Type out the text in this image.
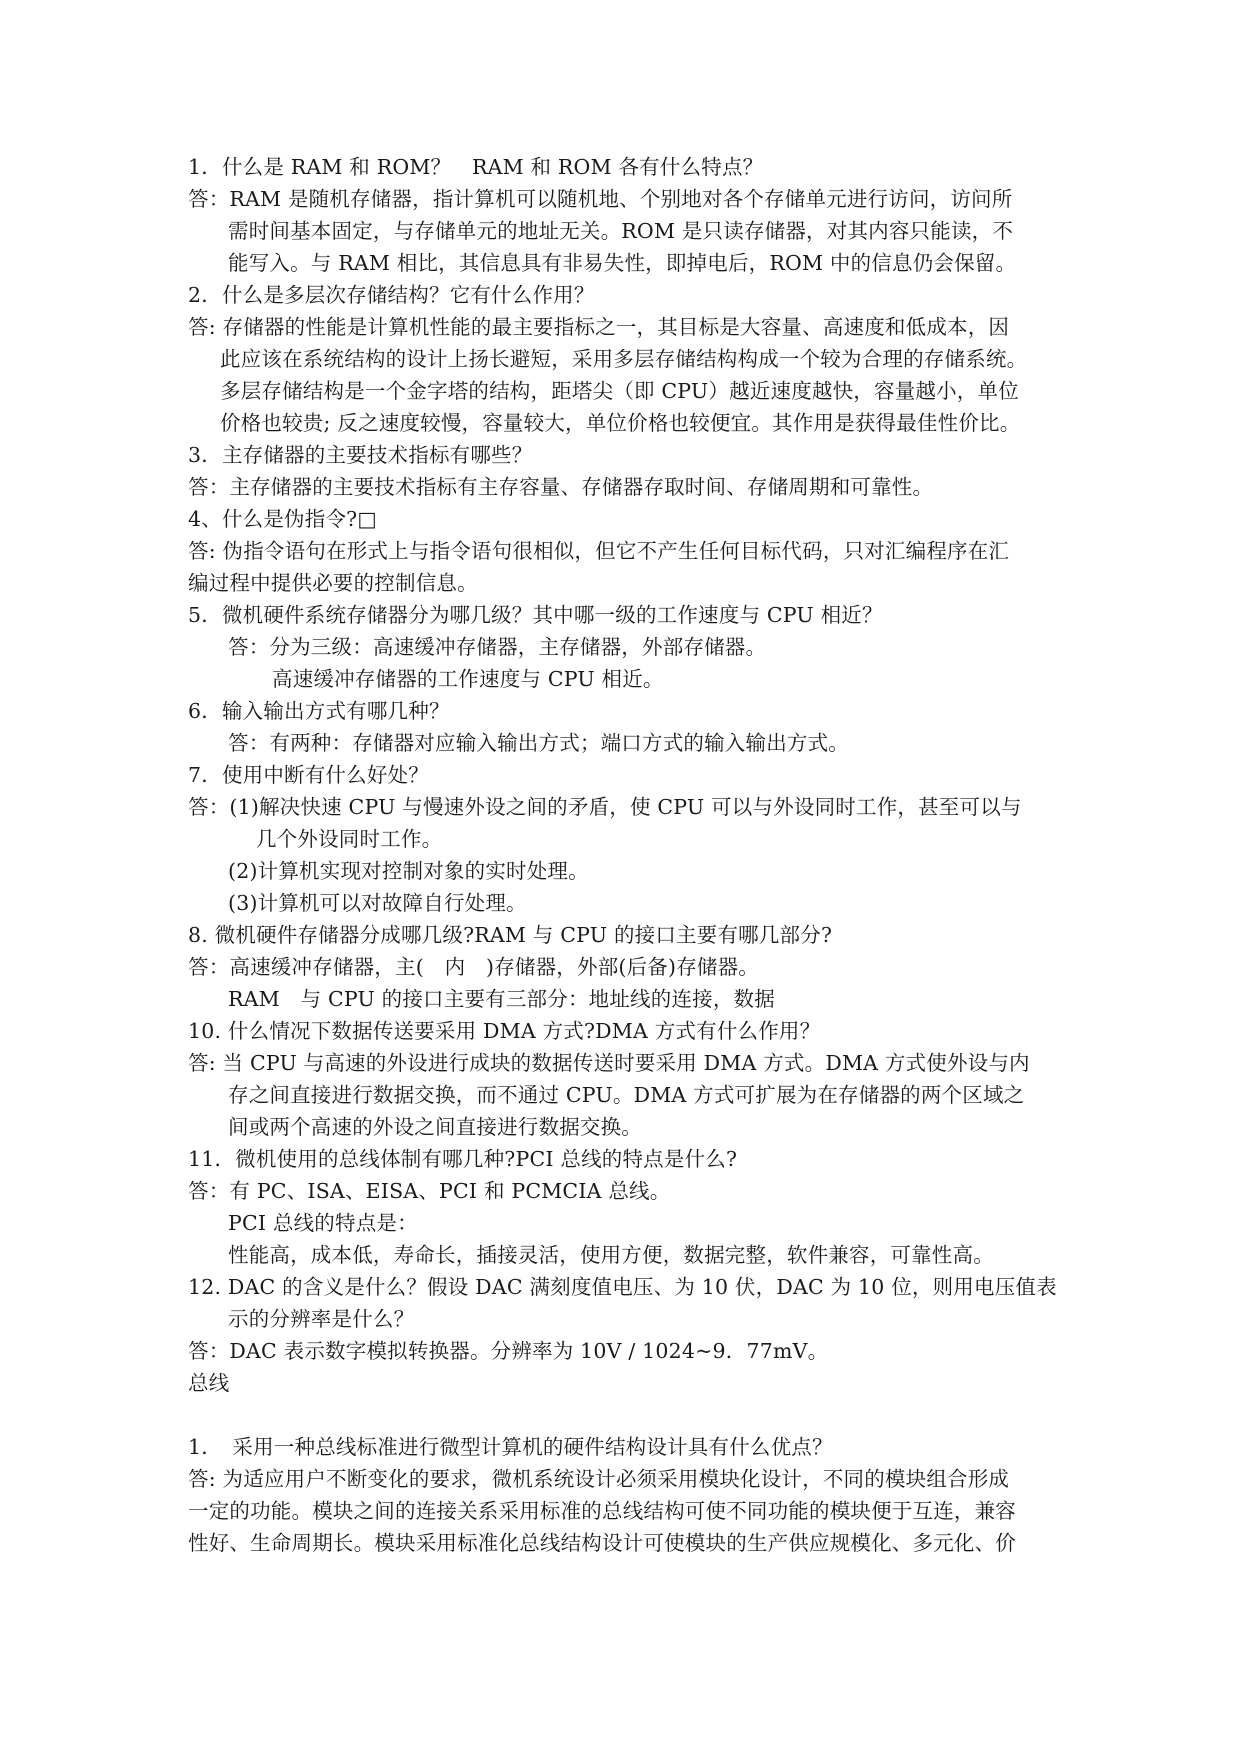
1．什么是 RAM 和 ROM？　RAM 和 ROM 各有什么特点？
答：RAM 是随机存储器，指计算机可以随机地、个别地对各个存储单元进行访问，访问所
需时间基本固定，与存储单元的地址无关。ROM 是只读存储器，对其内容只能读，不
能写入。与 RAM 相比，其信息具有非易失性，即掉电后，ROM 中的信息仍会保留。
2．什么是多层次存储结构？它有什么作用？
答: 存储器的性能是计算机性能的最主要指标之一，其目标是大容量、高速度和低成本，因
此应该在系统结构的设计上扬长避短，采用多层存储结构构成一个较为合理的存储系统。
多层存储结构是一个金字塔的结构，距塔尖（即 CPU）越近速度越快，容量越小，单位
价格也较贵; 反之速度较慢，容量较大，单位价格也较便宜。其作用是获得最佳性价比。
3．主存储器的主要技术指标有哪些？
答：主存储器的主要技术指标有主存容量、存储器存取时间、存储周期和可靠性。
4、什么是伪指令?□
答: 伪指令语句在形式上与指令语句很相似，但它不产生任何目标代码，只对汇编程序在汇
编过程中提供必要的控制信息。
5．微机硬件系统存储器分为哪几级？其中哪一级的工作速度与 CPU 相近？
答：分为三级：高速缓冲存储器，主存储器，外部存储器。
高速缓冲存储器的工作速度与 CPU 相近。
6．输入输出方式有哪几种？
答：有两种：存储器对应输入输出方式；端口方式的输入输出方式。
7．使用中断有什么好处？
答：(1)解决快速 CPU 与慢速外设之间的矛盾，使 CPU 可以与外设同时工作，甚至可以与
几个外设同时工作。
(2)计算机实现对控制对象的实时处理。
(3)计算机可以对故障自行处理。
8. 微机硬件存储器分成哪几级?RAM 与 CPU 的接口主要有哪几部分?
答：高速缓冲存储器，主(　内　)存储器，外部(后备)存储器。
RAM　与 CPU 的接口主要有三部分：地址线的连接，数据
10. 什么情况下数据传送要采用 DMA 方式?DMA 方式有什么作用？
答: 当 CPU 与高速的外设进行成块的数据传送时要采用 DMA 方式。DMA 方式使外设与内
存之间直接进行数据交换，而不通过 CPU。DMA 方式可扩展为在存储器的两个区域之
间或两个高速的外设之间直接进行数据交换。
11．微机使用的总线体制有哪几种?PCI 总线的特点是什么?
答：有 PC、ISA、EISA、PCI 和 PCMCIA 总线。
PCI 总线的特点是：
性能高，成本低，寿命长，插接灵活，使用方便，数据完整，软件兼容，可靠性高。
12. DAC 的含义是什么？假设 DAC 满刻度值电压、为 10 伏，DAC 为 10 位，则用电压值表
示的分辨率是什么？
答：DAC 表示数字模拟转换器。分辨率为 10V / 1024~9．77mV。
总线
1．　采用一种总线标准进行微型计算机的硬件结构设计具有什么优点？
答: 为适应用户不断变化的要求，微机系统设计必须采用模块化设计，不同的模块组合形成
一定的功能。模块之间的连接关系采用标准的总线结构可使不同功能的模块便于互连，兼容
性好、生命周期长。模块采用标准化总线结构设计可使模块的生产供应规模化、多元化、价
